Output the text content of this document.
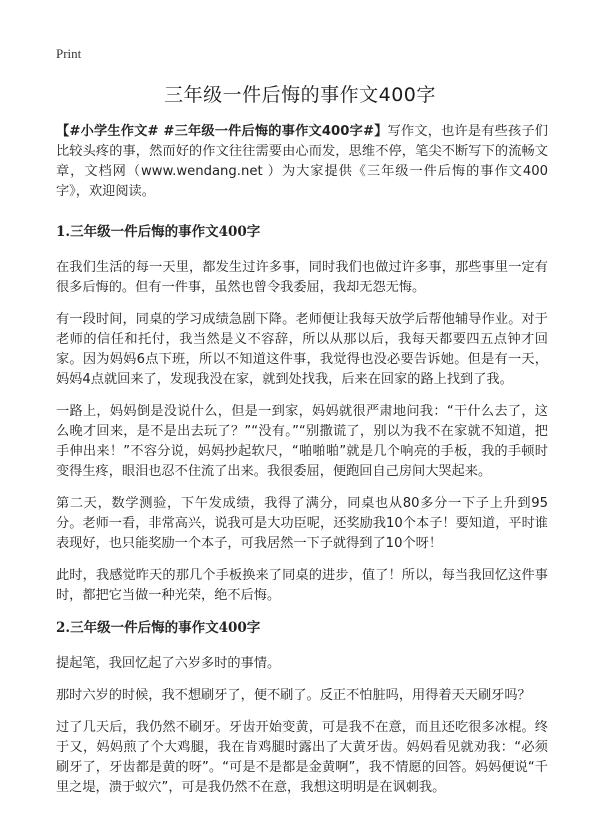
Print
三年级一件后悔的事作文400字

【#小学生作文# #三年级一件后悔的事作文400字#】写作文，也许是有些孩子们比较头疼的事，然而好的作文往往需要由心而发，思维不停，笔尖不断写下的流畅文章，文档网（www.wendang.net ）为大家提供《三年级一件后悔的事作文400字》，欢迎阅读。

1.三年级一件后悔的事作文400字

在我们生活的每一天里，都发生过许多事，同时我们也做过许多事，那些事里一定有很多后悔的。但有一件事，虽然也曾令我委屈，我却无怨无悔。

有一段时间，同桌的学习成绩急剧下降。老师便让我每天放学后帮他辅导作业。对于老师的信任和托付，我当然是义不容辞，所以从那以后，我每天都要四五点钟才回家。因为妈妈6点下班，所以不知道这件事，我觉得也没必要告诉她。但是有一天，妈妈4点就回来了，发现我没在家，就到处找我，后来在回家的路上找到了我。

一路上，妈妈倒是没说什么，但是一到家，妈妈就很严肃地问我：“干什么去了，这么晚才回来，是不是出去玩了？”“没有。”“别撒谎了，别以为我不在家就不知道，把手伸出来！”不容分说，妈妈抄起软尺，“啪啪啪”就是几个响亮的手板，我的手顿时变得生疼，眼泪也忍不住流了出来。我很委屈，便跑回自己房间大哭起来。

第二天，数学测验，下午发成绩，我得了满分，同桌也从80多分一下子上升到95分。老师一看，非常高兴，说我可是大功臣呢，还奖励我10个本子！要知道，平时谁表现好，也只能奖励一个本子，可我居然一下子就得到了10个呀！

此时，我感觉昨天的那几个手板换来了同桌的进步，值了！所以，每当我回忆这件事时，都把它当做一种光荣，绝不后悔。

2.三年级一件后悔的事作文400字

提起笔，我回忆起了六岁多时的事情。

那时六岁的时候，我不想刷牙了，便不刷了。反正不怕脏吗，用得着天天刷牙吗？

过了几天后，我仍然不刷牙。牙齿开始变黄，可是我不在意，而且还吃很多冰棍。终于又，妈妈煎了个大鸡腿，我在肯鸡腿时露出了大黄牙齿。妈妈看见就劝我：“必须刷牙了，牙齿都是黄的呀”。“可是不是都是金黄啊”，我不情愿的回答。妈妈便说“千里之堤，溃于蚁穴”，可是我仍然不在意，我想这明明是在讽刺我。
